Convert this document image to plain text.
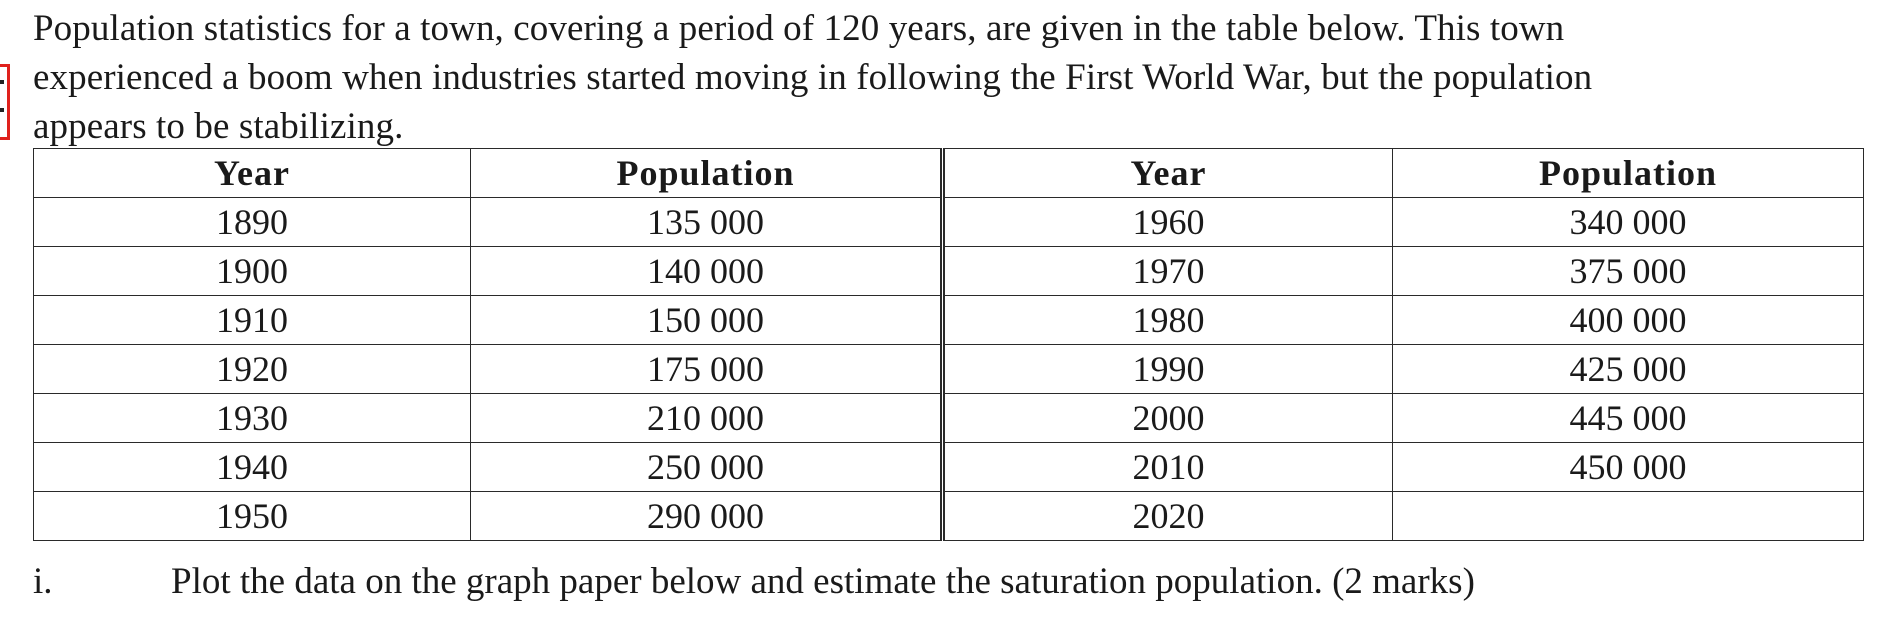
Population statistics for a town, covering a period of 120 years, are given in the table below. This town
experienced a boom when industries started moving in following the First World War, but the population
appears to be stabilizing.

Year	Population	Year	Population
1890	135 000	1960	340 000
1900	140 000	1970	375 000
1910	150 000	1980	400 000
1920	175 000	1990	425 000
1930	210 000	2000	445 000
1940	250 000	2010	450 000
1950	290 000	2020	
i.	Plot the data on the graph paper below and estimate the saturation population. (2 marks)
